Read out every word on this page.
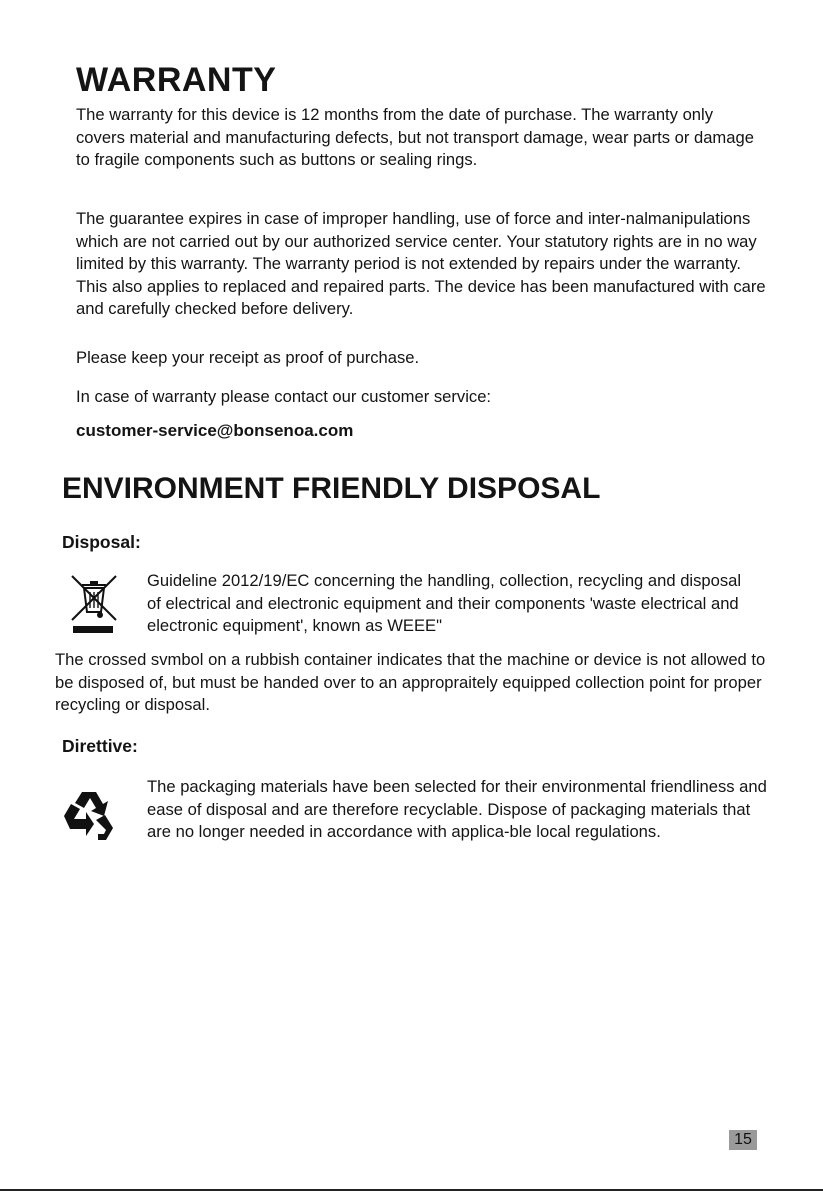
WARRANTY

The warranty for this device is 12 months from the date of purchase. The warranty only covers material and manufacturing defects, but not transport damage, wear parts or damage to fragile components such as buttons or sealing rings.

The guarantee expires in case of improper handling, use of force and inter-nalmanipulations which are not carried out by our authorized service center. Your statutory rights are in no way limited by this warranty. The warranty period is not extended by repairs under the warranty. This also applies to replaced and repaired parts. The device has been manufactured with care and carefully checked before delivery.

Please keep your receipt as proof of purchase.

In case of warranty please contact our customer service:

customer-service@bonsenoa.com
ENVIRONMENT FRIENDLY DISPOSAL
Disposal:

Guideline 2012/19/EC concerning the handling, collection, recycling and disposal of electrical and electronic equipment and their components 'waste electrical and electronic equipment', known as WEEE"

The crossed svmbol on a rubbish container indicates that the machine or device is not allowed to be disposed of, but must be handed over to an appropraitely equipped collection point for proper recycling or disposal.

Direttive:

The packaging materials have been selected for their environmental friendliness and ease of disposal and are therefore recyclable. Dispose of packaging materials that are no longer needed in accordance with applica-ble local regulations.

15
